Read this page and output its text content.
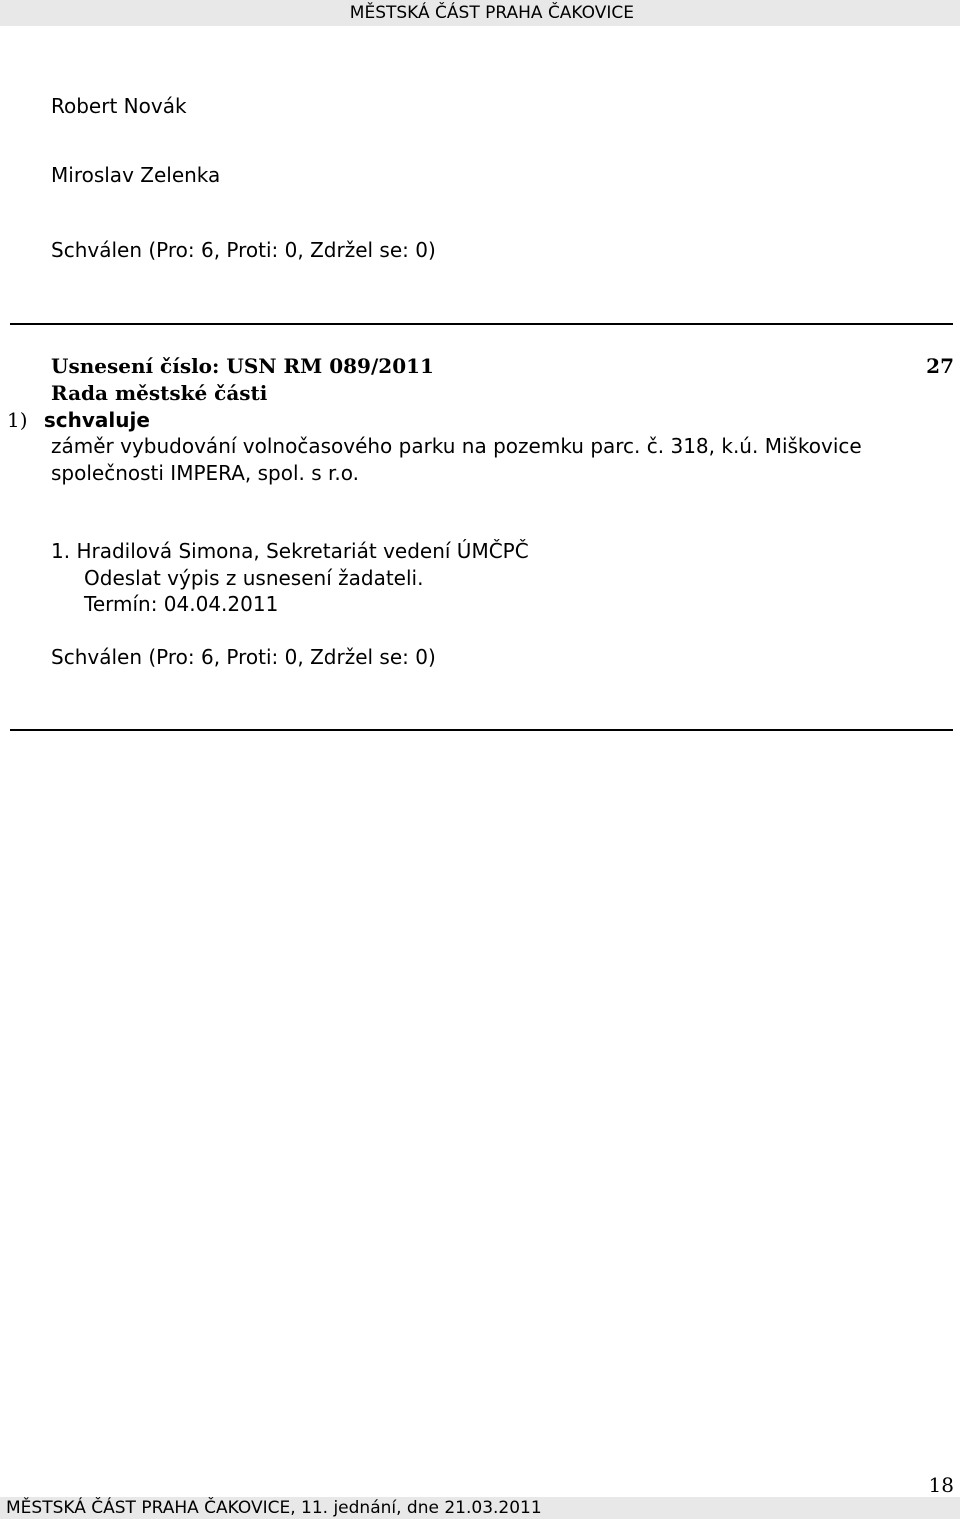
MĚSTSKÁ ČÁST PRAHA ČAKOVICE
Robert Novák
Miroslav Zelenka
Schválen (Pro: 6, Proti: 0, Zdržel se: 0)
Usnesení číslo: USN RM 089/2011	27
Rada městské části
1) schvaluje
záměr vybudování volnočasového parku na pozemku parc. č. 318, k.ú. Miškovice
společnosti IMPERA, spol. s r.o.
1. Hradilová Simona, Sekretariát vedení ÚMČPČ
Odeslat výpis z usnesení žadateli.
Termín: 04.04.2011
Schválen (Pro: 6, Proti: 0, Zdržel se: 0)
18
MĚSTSKÁ ČÁST PRAHA ČAKOVICE, 11. jednání, dne 21.03.2011
